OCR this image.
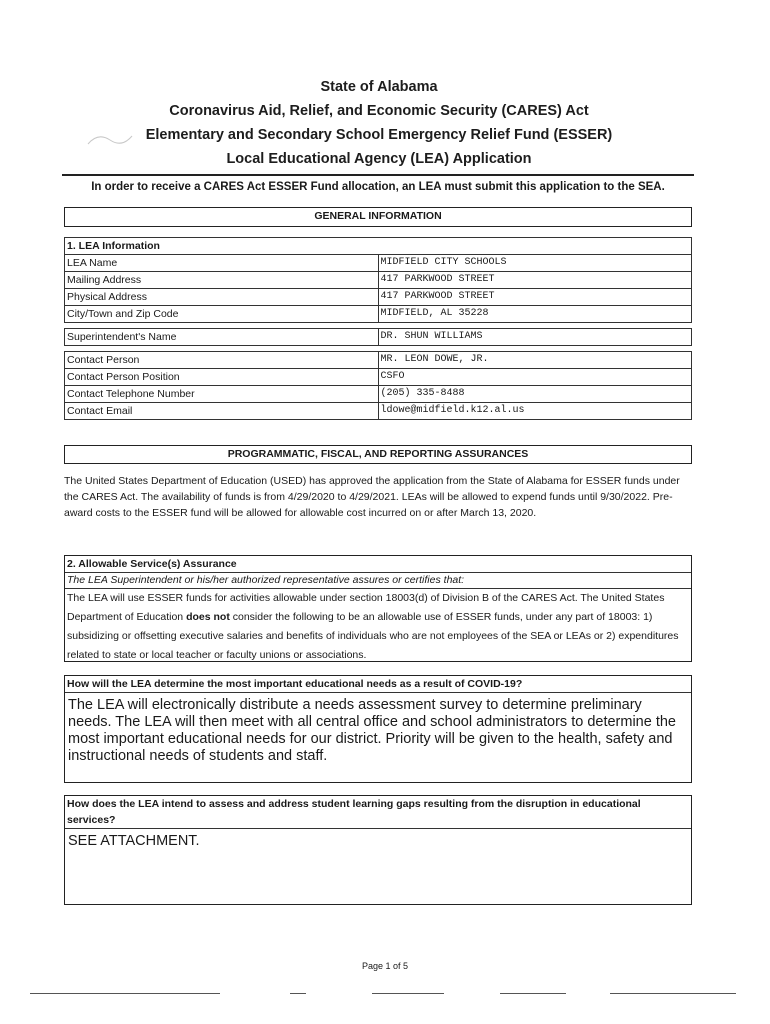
State of Alabama
Coronavirus Aid, Relief, and Economic Security (CARES) Act
Elementary and Secondary School Emergency Relief Fund (ESSER)
Local Educational Agency (LEA) Application
In order to receive a CARES Act ESSER Fund allocation, an LEA must submit this application to the SEA.
GENERAL INFORMATION
1. LEA Information	
LEA Name	MIDFIELD CITY SCHOOLS
Mailing Address	417 PARKWOOD STREET
Physical Address	417 PARKWOOD STREET
City/Town and Zip Code	MIDFIELD, AL 35228

Superintendent's Name	DR. SHUN WILLIAMS

Contact Person	MR. LEON DOWE, JR.
Contact Person Position	CSFO
Contact Telephone Number	(205) 335-8488
Contact Email	ldowe@midfield.k12.al.us
PROGRAMMATIC, FISCAL, AND REPORTING ASSURANCES
The United States Department of Education (USED) has approved the application from the State of Alabama for ESSER funds under the CARES Act. The availability of funds is from 4/29/2020 to 4/29/2021. LEAs will be allowed to expend funds until 9/30/2022. Pre-award costs to the ESSER fund will be allowed for allowable cost incurred on or after March 13, 2020.
2. Allowable Service(s) Assurance
The LEA Superintendent or his/her authorized representative assures or certifies that:
The LEA will use ESSER funds for activities allowable under section 18003(d) of Division B of the CARES Act. The United States Department of Education does not consider the following to be an allowable use of ESSER funds, under any part of 18003: 1) subsidizing or offsetting executive salaries and benefits of individuals who are not employees of the SEA or LEAs or 2) expenditures related to state or local teacher or faculty unions or associations.
How will the LEA determine the most important educational needs as a result of COVID-19?
The LEA will electronically distribute a needs assessment survey to determine preliminary needs. The LEA will then meet with all central office and school administrators to determine the most important educational needs for our district. Priority will be given to the health, safety and instructional needs of students and staff.
How does the LEA intend to assess and address student learning gaps resulting from the disruption in educational services?
SEE ATTACHMENT.
Page 1 of 5
